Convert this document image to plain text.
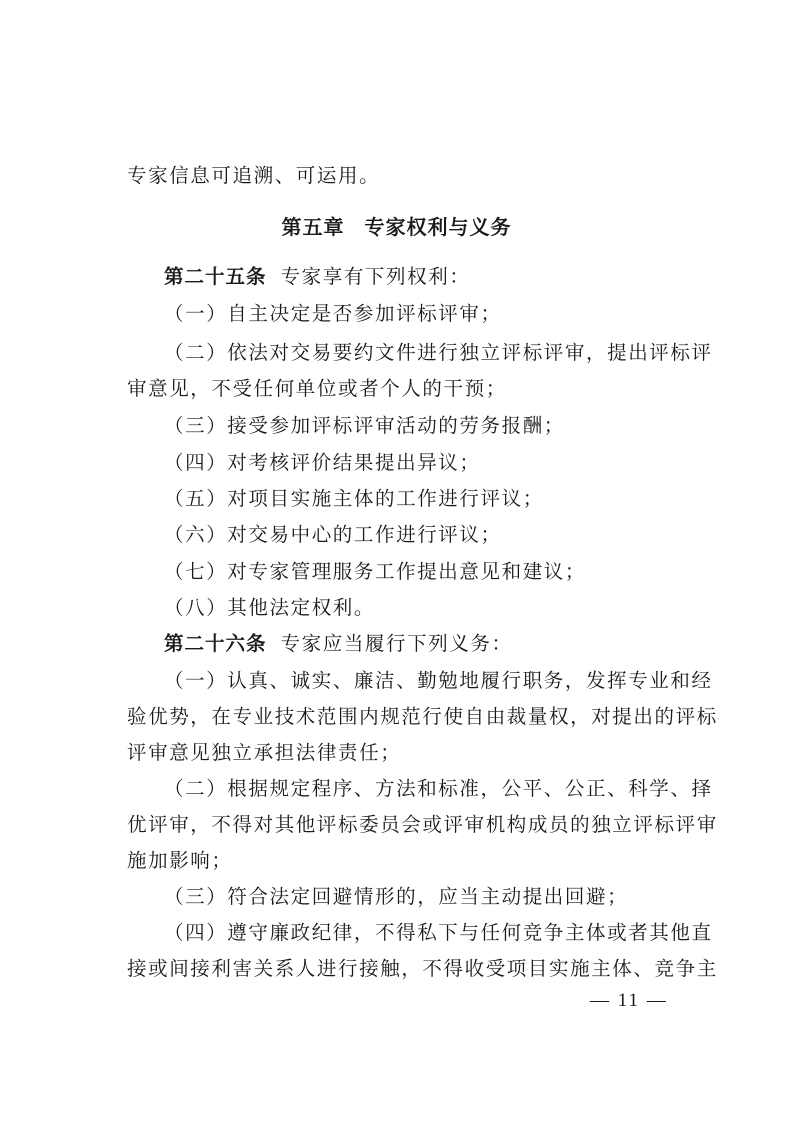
专家信息可追溯、可运用。
第五章 专家权利与义务
第二十五条 专家享有下列权利：
（一）自主决定是否参加评标评审；
（二）依法对交易要约文件进行独立评标评审，提出评标评
审意见，不受任何单位或者个人的干预；
（三）接受参加评标评审活动的劳务报酬；
（四）对考核评价结果提出异议；
（五）对项目实施主体的工作进行评议；
（六）对交易中心的工作进行评议；
（七）对专家管理服务工作提出意见和建议；
（八）其他法定权利。
第二十六条 专家应当履行下列义务：
（一）认真、诚实、廉洁、勤勉地履行职务，发挥专业和经
验优势，在专业技术范围内规范行使自由裁量权，对提出的评标
评审意见独立承担法律责任；
（二）根据规定程序、方法和标准，公平、公正、科学、择
优评审，不得对其他评标委员会或评审机构成员的独立评标评审
施加影响；
（三）符合法定回避情形的，应当主动提出回避；
（四）遵守廉政纪律，不得私下与任何竞争主体或者其他直
接或间接利害关系人进行接触，不得收受项目实施主体、竞争主
— 11 —
